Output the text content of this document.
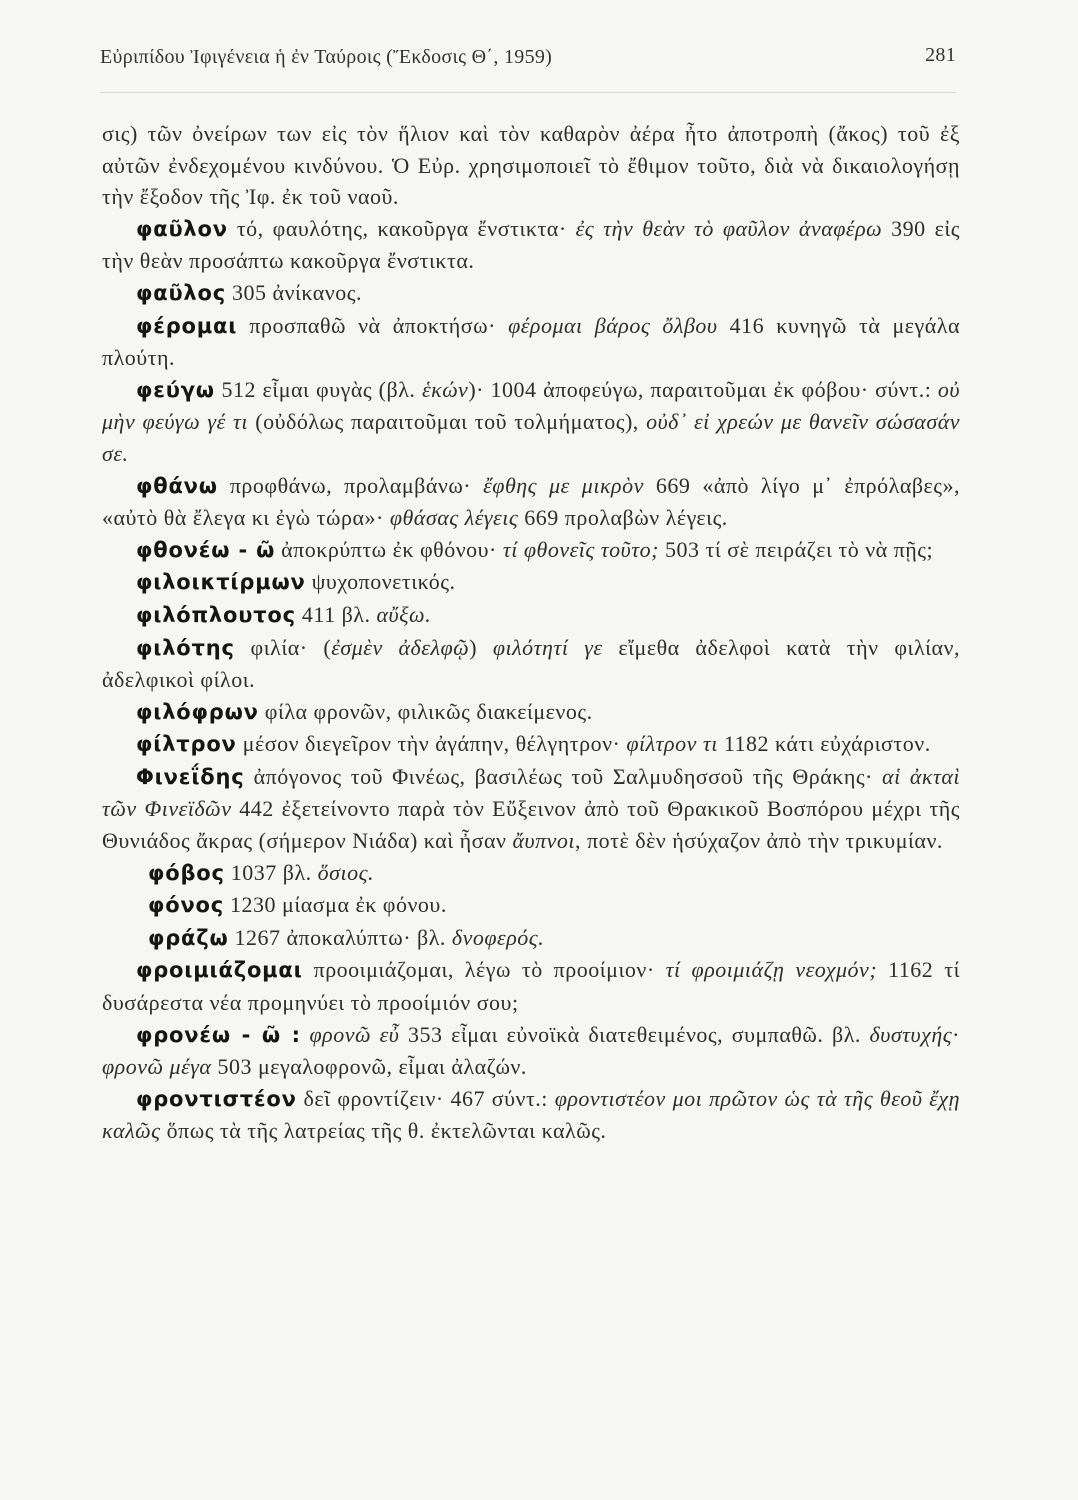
Εὐριπίδου Ἰφιγένεια ἡ ἐν Ταύροις (Ἔκδοσις Θ΄, 1959)	281

σις) τῶν ὀνείρων των εἰς τὸν ἥλιον καὶ τὸν καθαρὸν ἀέρα ἦτο ἀποτροπὴ (ἄκος) τοῦ ἐξ αὐτῶν ἐνδεχομένου κινδύνου. Ὁ Εὐρ. χρησιμοποιεῖ τὸ ἔθιμον τοῦτο, διὰ νὰ δικαιολογήσῃ τὴν ἔξοδον τῆς Ἰφ. ἐκ τοῦ ναοῦ.

φαῦλον τό, φαυλότης, κακοῦργα ἔνστικτα· ἐς τὴν θεὰν τὸ φαῦλον ἀναφέρω 390 εἰς τὴν θεὰν προσάπτω κακοῦργα ἔνστικτα.

φαῦλος 305 ἀνίκανος.

φέρομαι προσπαθῶ νὰ ἀποκτήσω· φέρομαι βάρος ὄλβου 416 κυνηγῶ τὰ μεγάλα πλούτη.

φεύγω 512 εἶμαι φυγὰς (βλ. ἑκών)· 1004 ἀποφεύγω, παραιτοῦμαι ἐκ φόβου· σύντ.: οὐ μὴν φεύγω γέ τι (οὐδόλως παραιτοῦμαι τοῦ τολμήματος), οὐδ᾽ εἰ χρεών με θανεῖν σώσασάν σε.

φθάνω προφθάνω, προλαμβάνω· ἔφθης με μικρὸν 669 «ἀπὸ λίγο μ᾽ ἐπρόλαβες», «αὐτὸ θὰ ἔλεγα κι ἐγὼ τώρα»· φθάσας λέγεις 669 προλαβὼν λέγεις.

φθονέω - ῶ ἀποκρύπτω ἐκ φθόνου· τί φθονεῖς τοῦτο; 503 τί σὲ πειράζει τὸ νὰ πῇς;

φιλοικτίρμων ψυχοπονετικός.

φιλόπλουτος 411 βλ. αὔξω.

φιλότης φιλία· (ἐσμὲν ἀδελφῷ) φιλότητί γε εἴμεθα ἀδελφοὶ κατὰ τὴν φιλίαν, ἀδελφικοὶ φίλοι.

φιλόφρων φίλα φρονῶν, φιλικῶς διακείμενος.

φίλτρον μέσον διεγεῖρον τὴν ἀγάπην, θέλγητρον· φίλτρον τι 1182 κάτι εὐχάριστον.

Φινεΐδης ἀπόγονος τοῦ Φινέως, βασιλέως τοῦ Σαλμυδησσοῦ τῆς Θράκης· αἱ ἀκταὶ τῶν Φινεϊδῶν 442 ἐξετείνοντο παρὰ τὸν Εὔξεινον ἀπὸ τοῦ Θρακικοῦ Βοσπόρου μέχρι τῆς Θυνιάδος ἄκρας (σήμερον Νιάδα) καὶ ἦσαν ἄυπνοι, ποτὲ δὲν ἡσύχαζον ἀπὸ τὴν τρικυμίαν.

φόβος 1037 βλ. ὅσιος.

φόνος 1230 μίασμα ἐκ φόνου.

φράζω 1267 ἀποκαλύπτω· βλ. δνοφερός.

φροιμιάζομαι προοιμιάζομαι, λέγω τὸ προοίμιον· τί φροιμιάζῃ νεοχμόν; 1162 τί δυσάρεστα νέα προμηνύει τὸ προοίμιόν σου;

φρονέω - ῶ : φρονῶ εὖ 353 εἶμαι εὐνοϊκὰ διατεθειμένος, συμπαθῶ. βλ. δυστυχής· φρονῶ μέγα 503 μεγαλοφρονῶ, εἶμαι ἀλαζών.

φροντιστέον δεῖ φροντίζειν· 467 σύντ.: φροντιστέον μοι πρῶτον ὡς τὰ τῆς θεοῦ ἔχῃ καλῶς ὅπως τὰ τῆς λατρείας τῆς θ. ἐκτελῶνται καλῶς.
